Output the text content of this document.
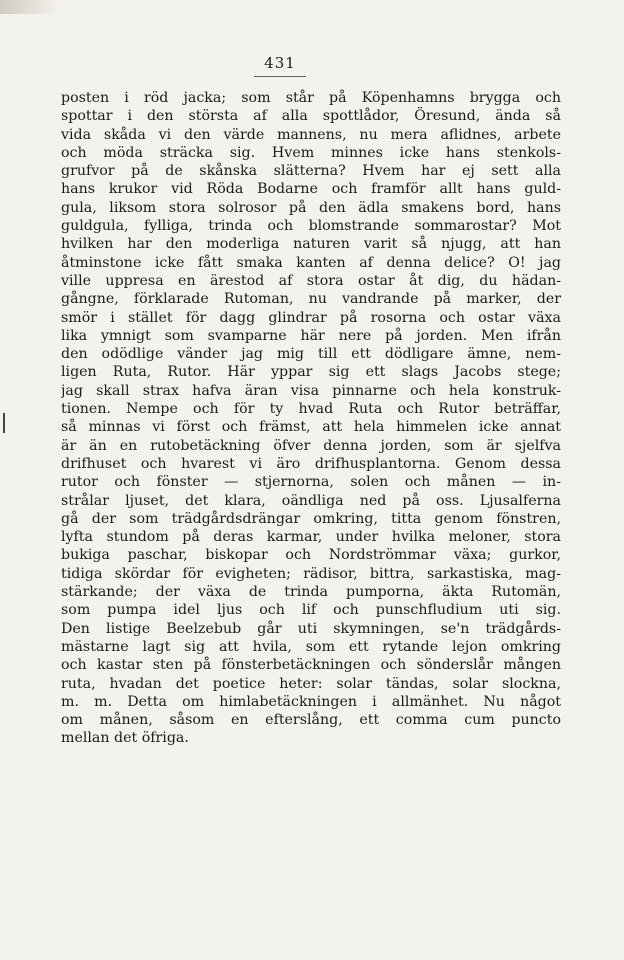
431
posten i röd jacka; som står på Köpenhamns brygga och
spottar i den största af alla spottlådor, Öresund, ända så
vida skåda vi den värde mannens, nu mera aflidnes, arbete
och möda sträcka sig. Hvem minnes icke hans stenkols-
grufvor på de skånska slätterna? Hvem har ej sett alla
hans krukor vid Röda Bodarne och framför allt hans guld-
gula, liksom stora solrosor på den ädla smakens bord, hans
guldgula, fylliga, trinda och blomstrande sommarostar? Mot
hvilken har den moderliga naturen varit så njugg, att han
åtminstone icke fått smaka kanten af denna delice? O! jag
ville uppresa en ärestod af stora ostar åt dig, du hädan-
gångne, förklarade Rutoman, nu vandrande på marker, der
smör i stället för dagg glindrar på rosorna och ostar växa
lika ymnigt som svamparne här nere på jorden. Men ifrån
den odödlige vänder jag mig till ett dödligare ämne, nem-
ligen Ruta, Rutor. Här yppar sig ett slags Jacobs stege;
jag skall strax hafva äran visa pinnarne och hela konstruk-
tionen. Nempe och för ty hvad Ruta och Rutor beträffar,
så minnas vi först och främst, att hela himmelen icke annat
är än en rutobetäckning öfver denna jorden, som är sjelfva
drifhuset och hvarest vi äro drifhusplantorna. Genom dessa
rutor och fönster — stjernorna, solen och månen — in-
strålar ljuset, det klara, oändliga ned på oss. Ljusalferna
gå der som trädgårdsdrängar omkring, titta genom fönstren,
lyfta stundom på deras karmar, under hvilka meloner, stora
bukiga paschar, biskopar och Nordströmmar växa; gurkor,
tidiga skördar för evigheten; rädisor, bittra, sarkastiska, mag-
stärkande; der växa de trinda pumporna, äkta Rutomän,
som pumpa idel ljus och lif och punschfludium uti sig.
Den listige Beelzebub går uti skymningen, se'n trädgårds-
mästarne lagt sig att hvila, som ett rytande lejon omkring
och kastar sten på fönsterbetäckningen och sönderslår mången
ruta, hvadan det poetice heter: solar tändas, solar slockna,
m. m. Detta om himlabetäckningen i allmänhet. Nu något
om månen, såsom en efterslång, ett comma cum puncto
mellan det öfriga.
